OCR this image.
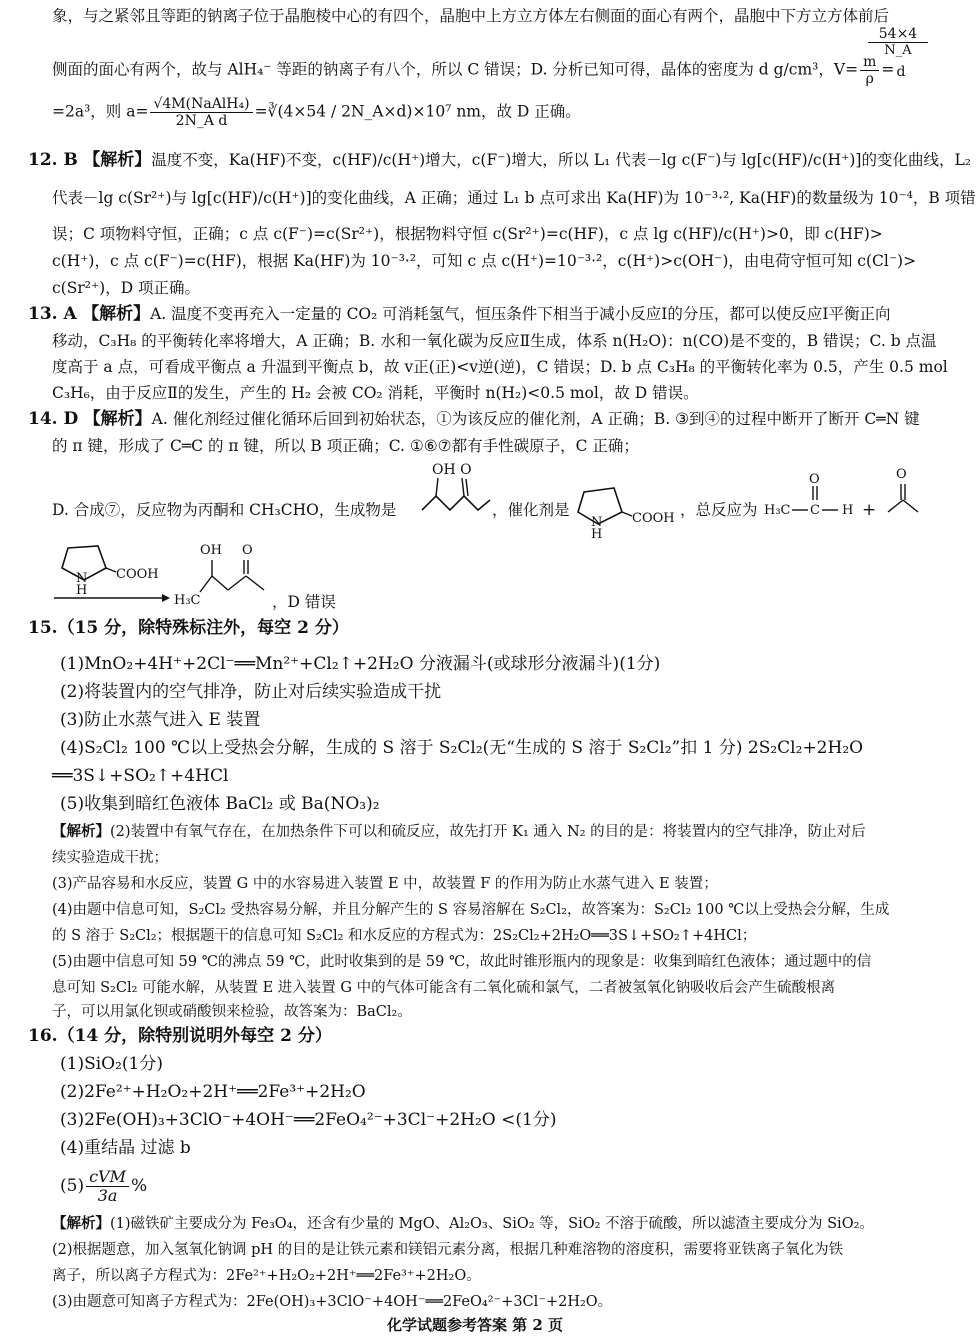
象，与之紧邻且等距的钠离子位于晶胞棱中心的有四个，晶胞中上方立方体左右侧面的面心有两个，晶胞中下方立方体前后
$\frac{54\times 4}{N\_A}$
侧面的面心有两个，故与 AlH₄⁻ 等距的钠离子有八个，所以 C 错误；D. 分析已知可得，晶体的密度为 d g/cm³，$V= \frac{m}{\rho} = d$
=2a³，则 $a= \frac{\text{√4M(NaAlH₄)}}{\text{2N\_A d}}$ =∛(4×54 / 2N_A×d)×10⁷ nm，故 D 正确。
12. B 【解析】温度不变，Ka(HF)不变，c(HF)/c(H⁺)增大，c(F⁻)增大，所以 L₁ 代表－lg c(F⁻)与 lg[c(HF)/c(H⁺)]的变化曲线，L₂
代表－lg c(Sr²⁺)与 lg[c(HF)/c(H⁺)]的变化曲线，A 正确；通过 L₁ b 点可求出 Ka(HF)为 10⁻³·², Ka(HF)的数量级为 10⁻⁴，B 项错
误；C 项物料守恒，正确；c 点 c(F⁻)=c(Sr²⁺)，根据物料守恒 c(Sr²⁺)=c(HF)，c 点 lg c(HF)/c(H⁺)>0，即 c(HF)>
c(H⁺)，c 点 c(F⁻)=c(HF)，根据 Ka(HF)为 10⁻³·²，可知 c 点 c(H⁺)=10⁻³·²，c(H⁺)>c(OH⁻)，由电荷守恒可知 c(Cl⁻)>
c(Sr²⁺)，D 项正确。
13. A 【解析】A. 温度不变再充入一定量的 CO₂ 可消耗氢气，恒压条件下相当于减小反应Ⅰ的分压，都可以使反应Ⅰ平衡正向
移动，C₃H₈ 的平衡转化率将增大，A 正确；B. 水和一氧化碳为反应Ⅱ生成，体系 n(H₂O)：n(CO)是不变的，B 错误；C. b 点温
度高于 a 点，可看成平衡点 a 升温到平衡点 b，故 v正(正)<v逆(逆)，C 错误；D. b 点 C₃H₈ 的平衡转化率为 0.5，产生 0.5 mol
C₃H₆，由于反应Ⅱ的发生，产生的 H₂ 会被 CO₂ 消耗，平衡时 n(H₂)<0.5 mol，故 D 错误。
14. D 【解析】A. 催化剂经过催化循环后回到初始状态，①为该反应的催化剂，A 正确；B. ③到④的过程中断开了断开 C═N 键
的 π 键，形成了 C═C 的 π 键，所以 B 项正确；C. ①⑥⑦都有手性碳原子，C 正确；
D. 合成⑦，反应物为丙酮和 CH₃CHO，生成物是
OH O
，催化剂是
N
H
COOH ，总反应为 H₃C C
O
H +
O
N
H
COOH
OH O
H₃C	，D 错误
15.（15 分，除特殊标注外，每空 2 分）
(1)MnO₂+4H⁺+2Cl⁻══Mn²⁺+Cl₂↑+2H₂O 分液漏斗(或球形分液漏斗)(1分)
(2)将装置内的空气排净，防止对后续实验造成干扰
(3)防止水蒸气进入 E 装置
(4)S₂Cl₂ 100 ℃以上受热会分解，生成的 S 溶于 S₂Cl₂(无“生成的 S 溶于 S₂Cl₂”扣 1 分) 2S₂Cl₂+2H₂O
══3S↓+SO₂↑+4HCl
(5)收集到暗红色液体 BaCl₂ 或 Ba(NO₃)₂
【解析】(2)装置中有氧气存在，在加热条件下可以和硫反应，故先打开 K₁ 通入 N₂ 的目的是：将装置内的空气排净，防止对后
续实验造成干扰；
(3)产品容易和水反应，装置 G 中的水容易进入装置 E 中，故装置 F 的作用为防止水蒸气进入 E 装置；
(4)由题中信息可知，S₂Cl₂ 受热容易分解，并且分解产生的 S 容易溶解在 S₂Cl₂，故答案为：S₂Cl₂ 100 ℃以上受热会分解，生成
的 S 溶于 S₂Cl₂；根据题干的信息可知 S₂Cl₂ 和水反应的方程式为：2S₂Cl₂+2H₂O══3S↓+SO₂↑+4HCl；
(5)由题中信息可知 59 ℃的沸点 59 ℃，此时收集到的是 59 ℃，故此时锥形瓶内的现象是：收集到暗红色液体；通过题中的信
息可知 S₂Cl₂ 可能水解，从装置 E 进入装置 G 中的气体可能含有二氧化硫和氯气，二者被氢氧化钠吸收后会产生硫酸根离
子，可以用氯化钡或硝酸钡来检验，故答案为：BaCl₂。
16.（14 分，除特别说明外每空 2 分）
(1)SiO₂(1分)
(2)2Fe²⁺+H₂O₂+2H⁺══2Fe³⁺+2H₂O
(3)2Fe(OH)₃+3ClO⁻+4OH⁻══2FeO₄²⁻+3Cl⁻+2H₂O <(1分)
(4)重结晶 过滤 b
$(5) \frac{\text{cVM}}{3a}$ %
【解析】(1)磁铁矿主要成分为 Fe₃O₄，还含有少量的 MgO、Al₂O₃、SiO₂ 等，SiO₂ 不溶于硫酸，所以滤渣主要成分为 SiO₂。
(2)根据题意，加入氢氧化钠调 pH 的目的是让铁元素和镁铝元素分离，根据几种难溶物的溶度积，需要将亚铁离子氧化为铁
离子，所以离子方程式为：2Fe²⁺+H₂O₂+2H⁺══2Fe³⁺+2H₂O。
(3)由题意可知离子方程式为：2Fe(OH)₃+3ClO⁻+4OH⁻══2FeO₄²⁻+3Cl⁻+2H₂O。
化学试题参考答案 第 2 页
